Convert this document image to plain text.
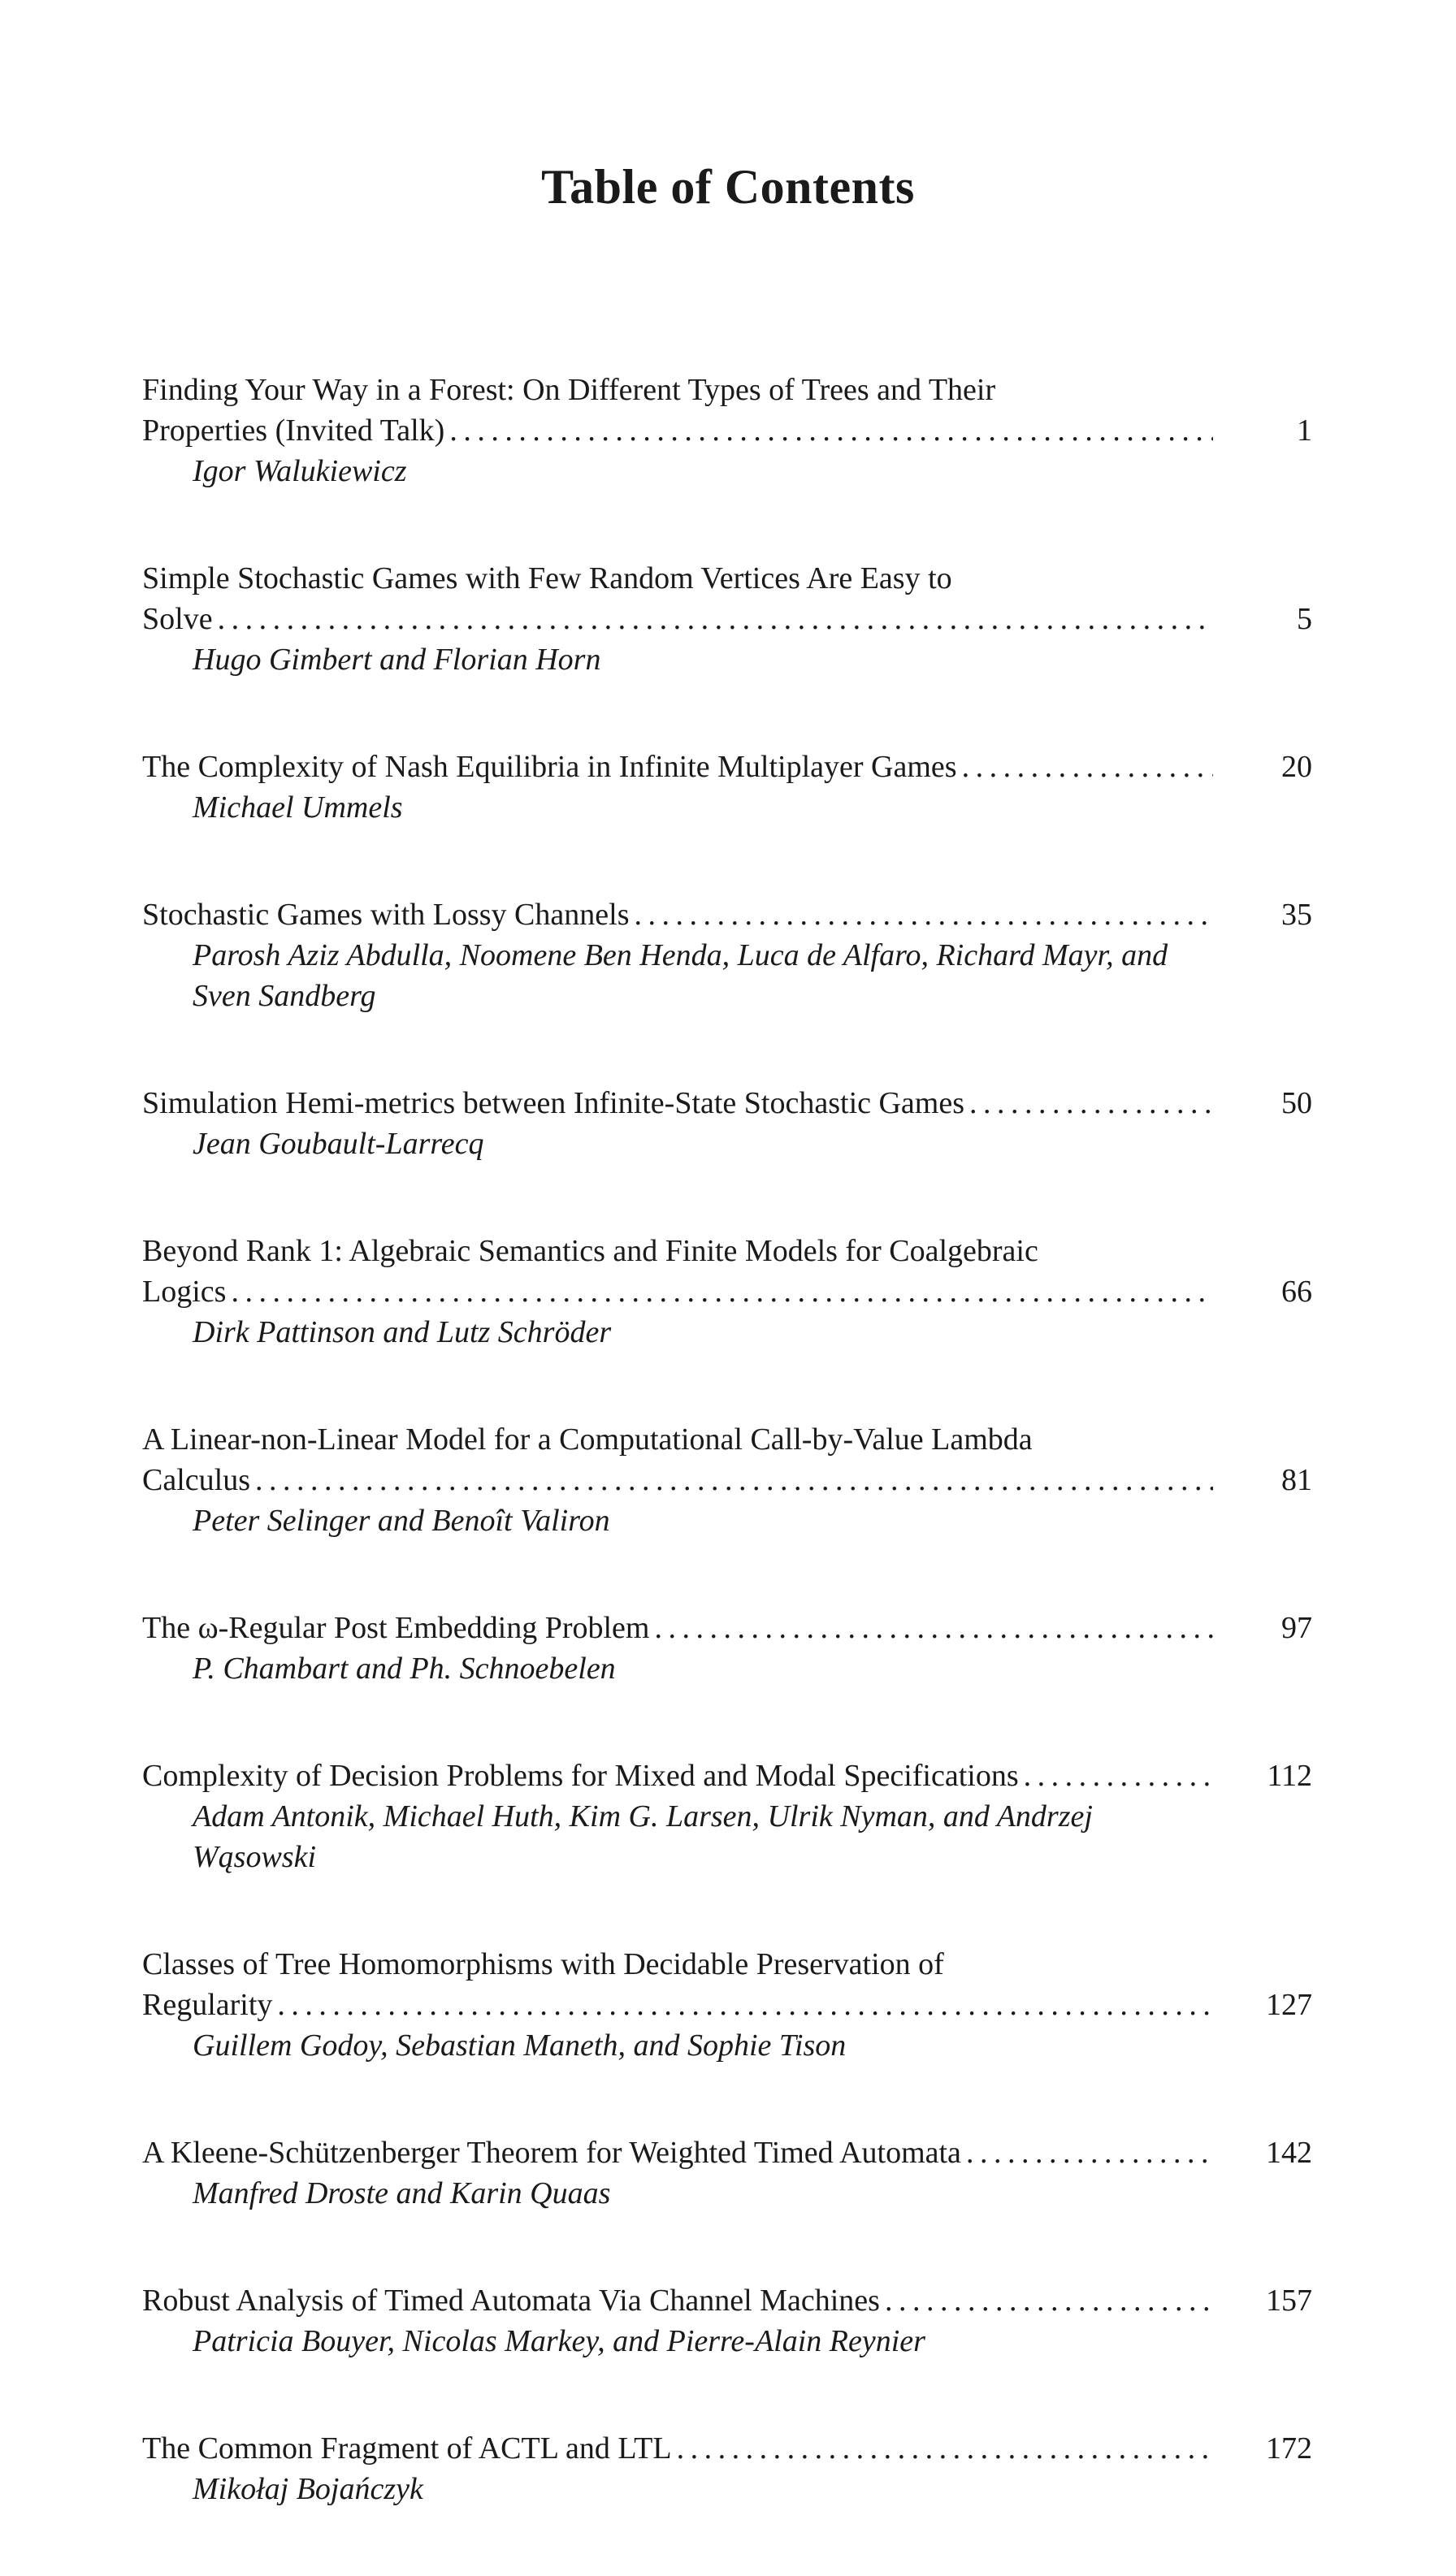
Table of Contents
Finding Your Way in a Forest: On Different Types of Trees and Their
Properties (Invited Talk) . . .	1
Igor Walukiewicz
Simple Stochastic Games with Few Random Vertices Are Easy to
Solve . . .	5
Hugo Gimbert and Florian Horn
The Complexity of Nash Equilibria in Infinite Multiplayer Games . . .	20
Michael Ummels
Stochastic Games with Lossy Channels . . .	35
Parosh Aziz Abdulla, Noomene Ben Henda, Luca de Alfaro, Richard Mayr, and Sven Sandberg
Simulation Hemi-metrics between Infinite-State Stochastic Games . . .	50
Jean Goubault-Larrecq
Beyond Rank 1: Algebraic Semantics and Finite Models for Coalgebraic
Logics . . .	66
Dirk Pattinson and Lutz Schröder
A Linear-non-Linear Model for a Computational Call-by-Value Lambda
Calculus . . .	81
Peter Selinger and Benoît Valiron
The ω-Regular Post Embedding Problem . . .	97
P. Chambart and Ph. Schnoebelen
Complexity of Decision Problems for Mixed and Modal Specifications . . .	112
Adam Antonik, Michael Huth, Kim G. Larsen, Ulrik Nyman, and Andrzej Wąsowski
Classes of Tree Homomorphisms with Decidable Preservation of
Regularity . . .	127
Guillem Godoy, Sebastian Maneth, and Sophie Tison
A Kleene-Schützenberger Theorem for Weighted Timed Automata . . .	142
Manfred Droste and Karin Quaas
Robust Analysis of Timed Automata Via Channel Machines . . .	157
Patricia Bouyer, Nicolas Markey, and Pierre-Alain Reynier
The Common Fragment of ACTL and LTL . . .	172
Mikołaj Bojańczyk
